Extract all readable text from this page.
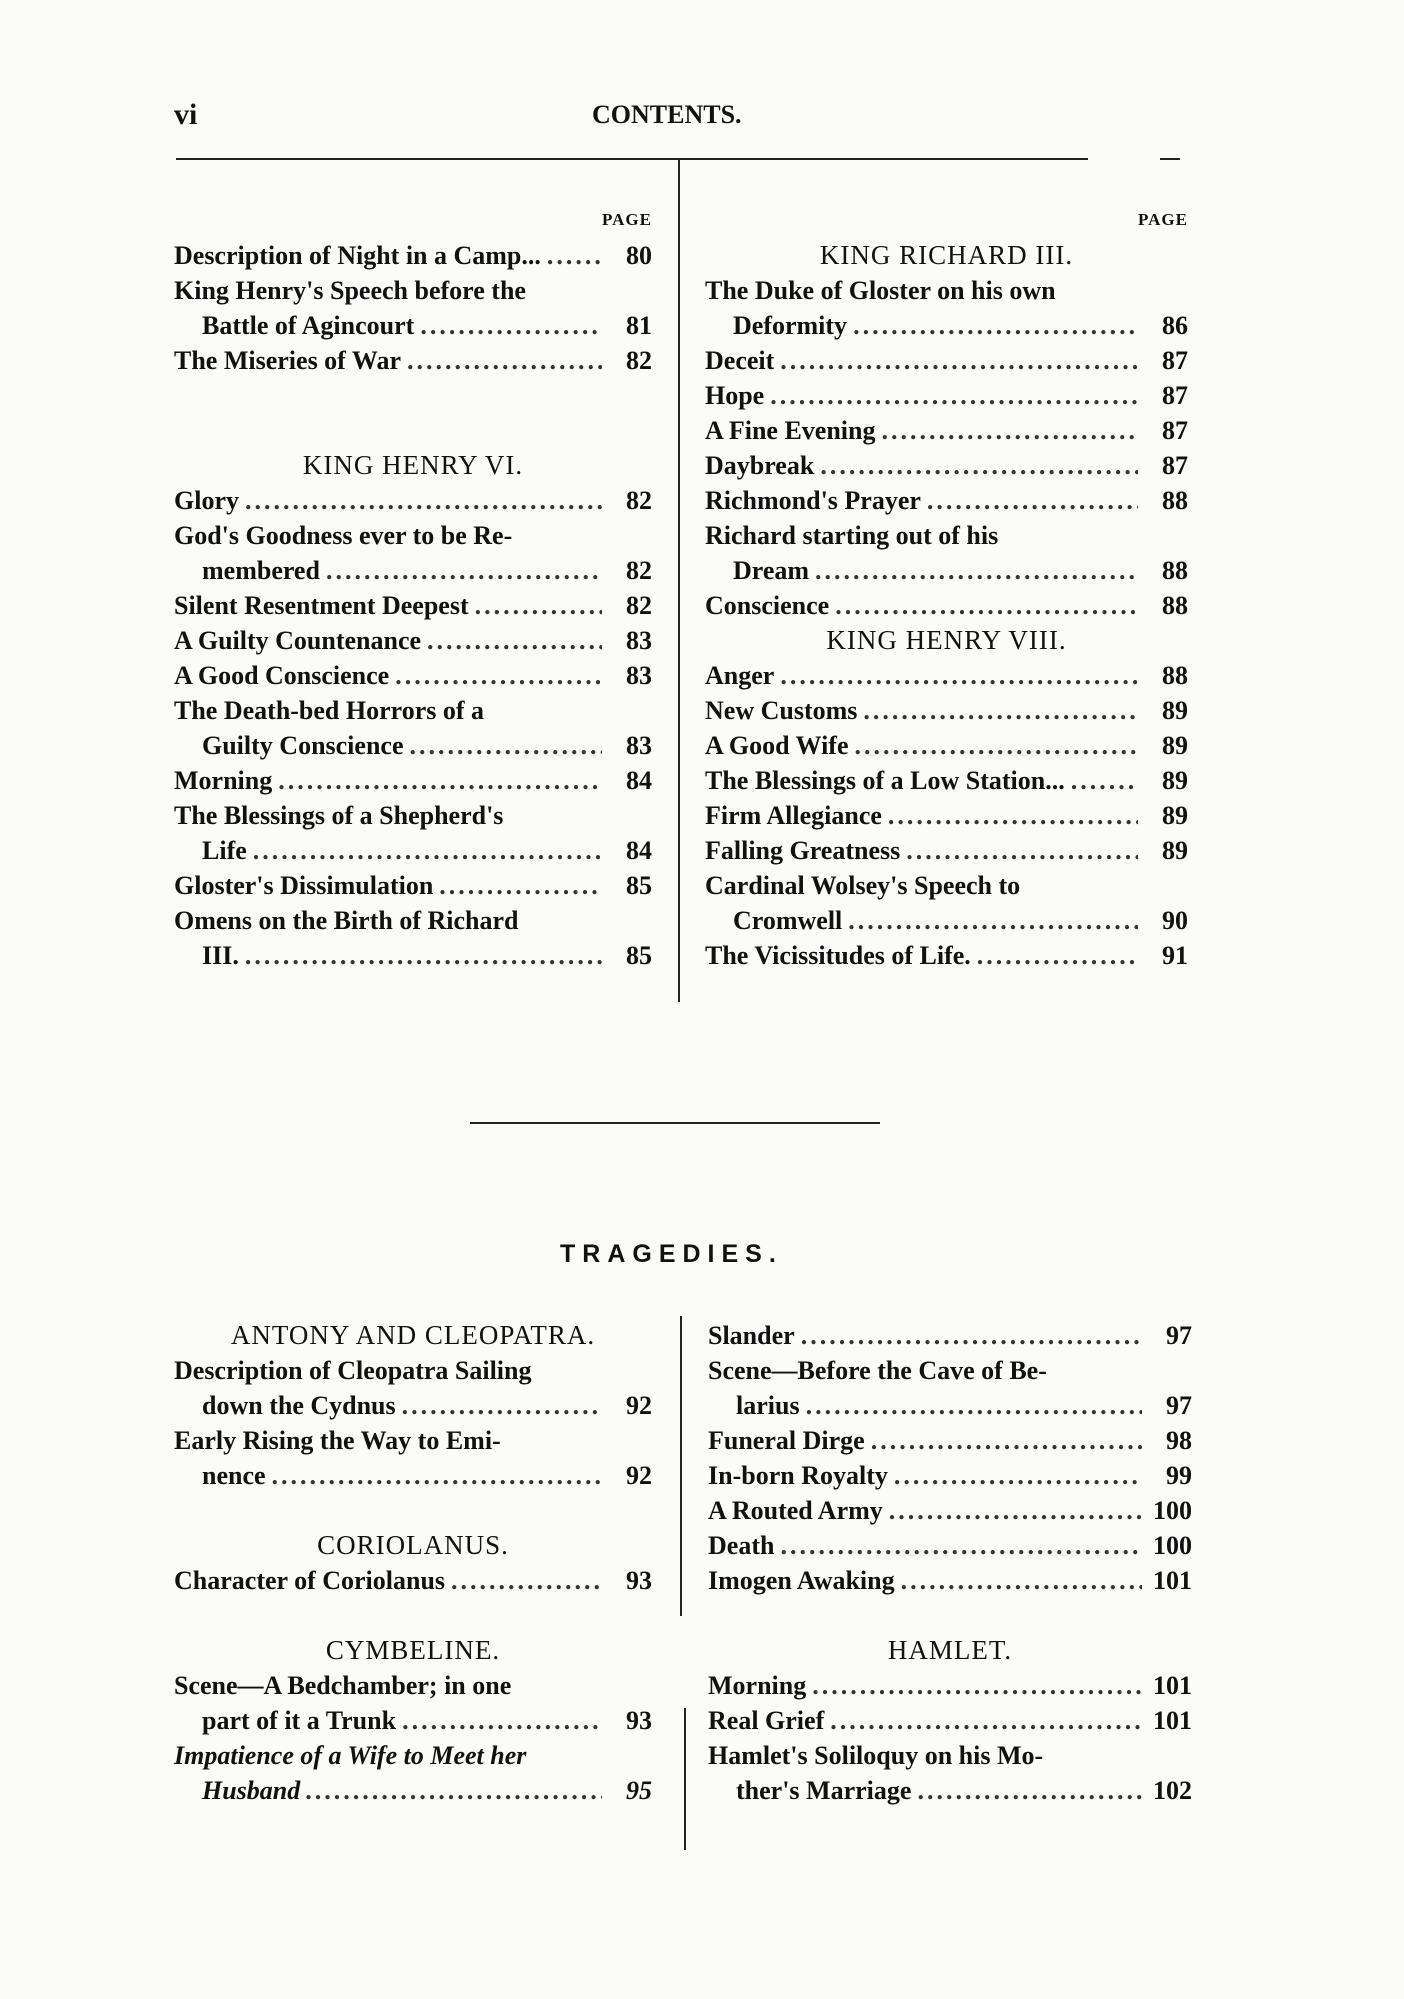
vi	CONTENTS.
PAGE
Description of Night in a Camp... .....	80
King Henry's Speech before the
Battle of Agincourt .....	81
The Miseries of War .....	82
KING HENRY VI.
Glory .....	82
God's Goodness ever to be Re-
membered .....	82
Silent Resentment Deepest .....	82
A Guilty Countenance .....	83
A Good Conscience .....	83
The Death-bed Horrors of a
Guilty Conscience .....	83
Morning .....	84
The Blessings of a Shepherd's
Life .....	84
Gloster's Dissimulation .....	85
Omens on the Birth of Richard
III. .....	85
PAGE
KING RICHARD III.
The Duke of Gloster on his own
Deformity .....	86
Deceit .....	87
Hope .....	87
A Fine Evening .....	87
Daybreak .....	87
Richmond's Prayer .....	88
Richard starting out of his
Dream .....	88
Conscience .....	88
KING HENRY VIII.
Anger .....	88
New Customs .....	89
A Good Wife .....	89
The Blessings of a Low Station... .....	89
Firm Allegiance .....	89
Falling Greatness .....	89
Cardinal Wolsey's Speech to
Cromwell .....	90
The Vicissitudes of Life. .....	91
TRAGEDIES.
ANTONY AND CLEOPATRA.
Description of Cleopatra Sailing
down the Cydnus .....	92
Early Rising the Way to Emi-
nence .....	92
CORIOLANUS.
Character of Coriolanus .....	93
CYMBELINE.
Scene—A Bedchamber; in one
part of it a Trunk .....	93
Impatience of a Wife to Meet her
Husband .....	95
Slander .....	97
Scene—Before the Cave of Be-
larius .....	97
Funeral Dirge .....	98
In-born Royalty .....	99
A Routed Army .....	100
Death .....	100
Imogen Awaking .....	101
HAMLET.
Morning .....	101
Real Grief .....	101
Hamlet's Soliloquy on his Mo-
ther's Marriage .....	102
